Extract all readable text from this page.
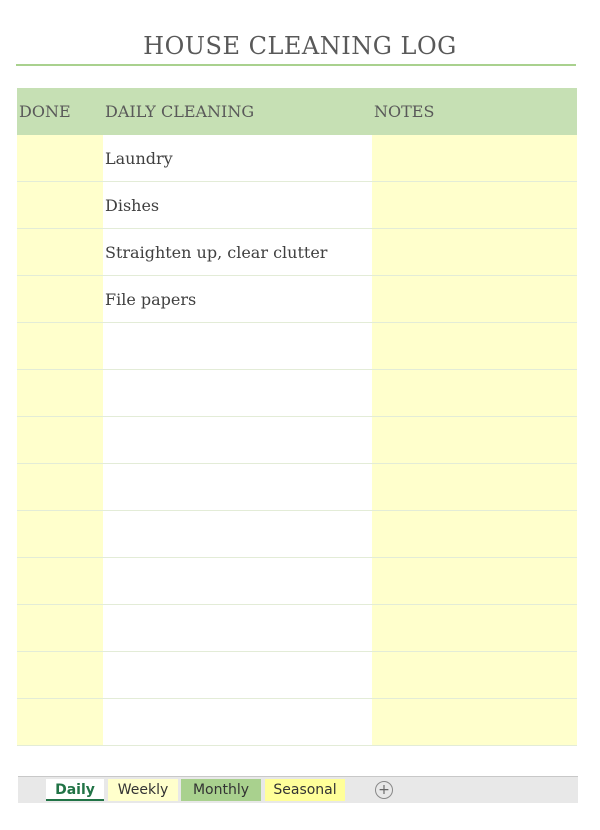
HOUSE CLEANING LOG
DONE	DAILY CLEANING	NOTES
	Laundry	
	Dishes	
	Straighten up, clear clutter	
	File papers	

Daily	Weekly	Monthly	Seasonal	+
